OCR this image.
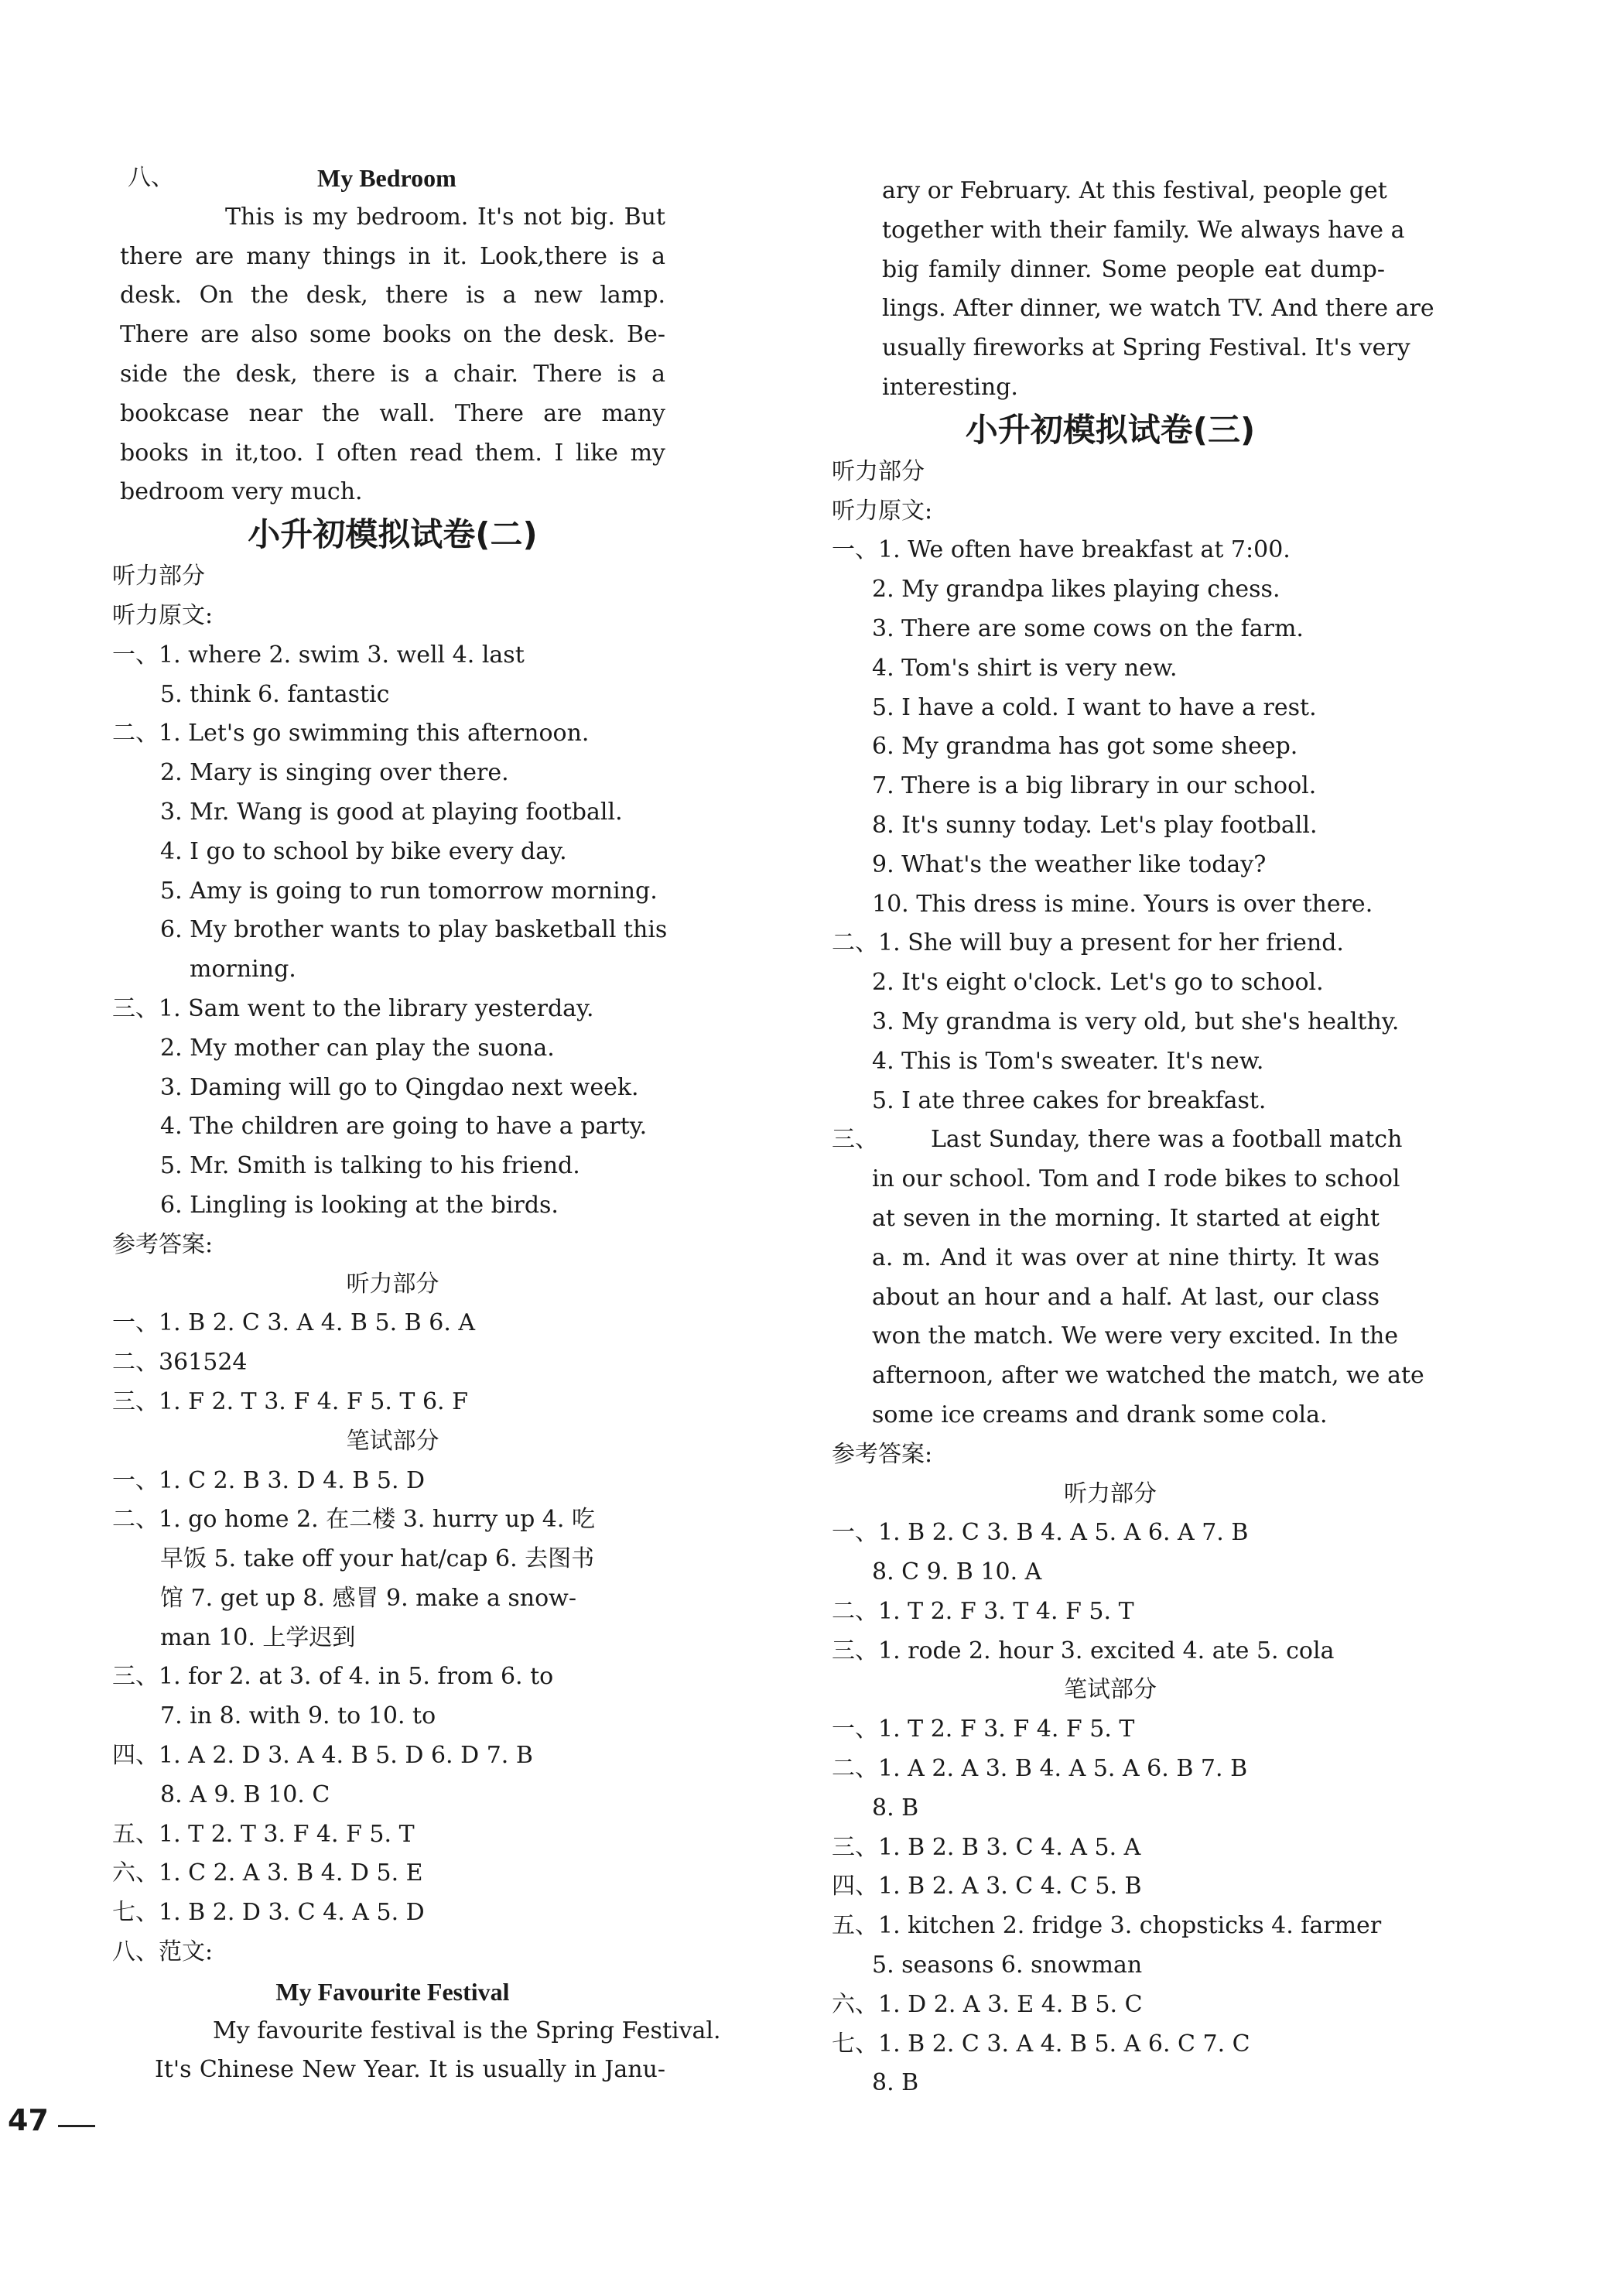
八、	My Bedroom
This is my bedroom. It's not big. But
there are many things in it. Look,there is a
desk. On the desk, there is a new lamp.
There are also some books on the desk. Be-
side the desk, there is a chair. There is a
bookcase near the wall. There are many
books in it,too. I often read them. I like my
bedroom very much.
小升初模拟试卷(二)
听力部分
听力原文:
一、1. where 2. swim 3. well 4. last
5. think 6. fantastic
二、1. Let's go swimming this afternoon.
2. Mary is singing over there.
3. Mr. Wang is good at playing football.
4. I go to school by bike every day.
5. Amy is going to run tomorrow morning.
6. My brother wants to play basketball this
morning.
三、1. Sam went to the library yesterday.
2. My mother can play the suona.
3. Daming will go to Qingdao next week.
4. The children are going to have a party.
5. Mr. Smith is talking to his friend.
6. Lingling is looking at the birds.
参考答案:
听力部分
一、1. B 2. C 3. A 4. B 5. B 6. A
二、361524
三、1. F 2. T 3. F 4. F 5. T 6. F
笔试部分
一、1. C 2. B 3. D 4. B 5. D
二、1. go home 2. 在二楼 3. hurry up 4. 吃
早饭 5. take off your hat/cap 6. 去图书
馆 7. get up 8. 感冒 9. make a snow-
man 10. 上学迟到
三、1. for 2. at 3. of 4. in 5. from 6. to
7. in 8. with 9. to 10. to
四、1. A 2. D 3. A 4. B 5. D 6. D 7. B
8. A 9. B 10. C
五、1. T 2. T 3. F 4. F 5. T
六、1. C 2. A 3. B 4. D 5. E
七、1. B 2. D 3. C 4. A 5. D
八、范文:
My Favourite Festival
My favourite festival is the Spring Festival.
It's Chinese New Year. It is usually in Janu-
ary or February. At this festival, people get
together with their family. We always have a
big family dinner. Some people eat dump-
lings. After dinner, we watch TV. And there are
usually fireworks at Spring Festival. It's very
interesting.
小升初模拟试卷(三)
听力部分
听力原文:
一、1. We often have breakfast at 7:00.
2. My grandpa likes playing chess.
3. There are some cows on the farm.
4. Tom's shirt is very new.
5. I have a cold. I want to have a rest.
6. My grandma has got some sheep.
7. There is a big library in our school.
8. It's sunny today. Let's play football.
9. What's the weather like today?
10. This dress is mine. Yours is over there.
二、1. She will buy a present for her friend.
2. It's eight o'clock. Let's go to school.
3. My grandma is very old, but she's healthy.
4. This is Tom's sweater. It's new.
5. I ate three cakes for breakfast.
三、 Last Sunday, there was a football match
in our school. Tom and I rode bikes to school
at seven in the morning. It started at eight
a. m. And it was over at nine thirty. It was
about an hour and a half. At last, our class
won the match. We were very excited. In the
afternoon, after we watched the match, we ate
some ice creams and drank some cola.
参考答案:
听力部分
一、1. B 2. C 3. B 4. A 5. A 6. A 7. B
8. C 9. B 10. A
二、1. T 2. F 3. T 4. F 5. T
三、1. rode 2. hour 3. excited 4. ate 5. cola
笔试部分
一、1. T 2. F 3. F 4. F 5. T
二、1. A 2. A 3. B 4. A 5. A 6. B 7. B
8. B
三、1. B 2. B 3. C 4. A 5. A
四、1. B 2. A 3. C 4. C 5. B
五、1. kitchen 2. fridge 3. chopsticks 4. farmer
5. seasons 6. snowman
六、1. D 2. A 3. E 4. B 5. C
七、1. B 2. C 3. A 4. B 5. A 6. C 7. C
8. B
47
